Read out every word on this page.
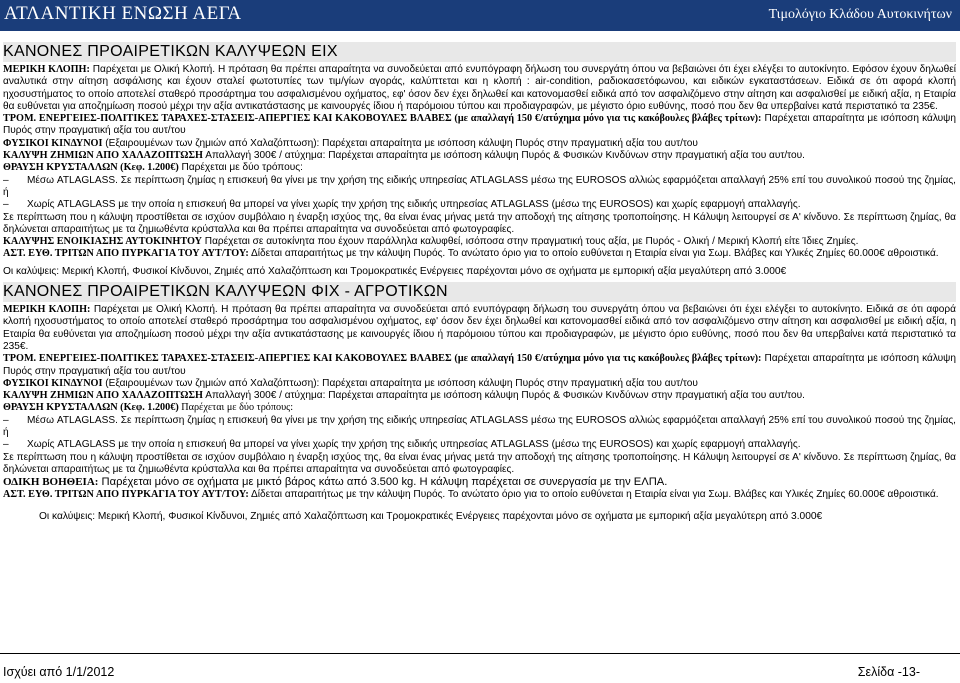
ΑΤΛΑΝΤΙΚΗ ΕΝΩΣΗ ΑΕΓΑ	Τιμολόγιο Κλάδου Αυτοκινήτων
ΚΑΝΟΝΕΣ ΠΡΟΑΙΡΕΤΙΚΩΝ ΚΑΛΥΨΕΩΝ ΕΙΧ

ΜΕΡΙΚΗ ΚΛΟΠΗ: Παρέχεται με Ολική Κλοπή. Η πρόταση θα πρέπει απαραίτητα να συνοδεύεται από ενυπόγραφη δήλωση του συνεργάτη όπου να βεβαιώνει ότι έχει ελέγξει το αυτοκίνητο. Εφόσον έχουν δηλωθεί αναλυτικά στην αίτηση ασφάλισης και έχουν σταλεί φωτοτυπίες των τιμ/γίων αγοράς, καλύπτεται και η κλοπή : air-condition, ραδιοκασετόφωνου, και ειδικών εγκαταστάσεων. Ειδικά σε ότι αφορά κλοπή ηχοσυστήματος το οποίο αποτελεί σταθερό προσάρτημα του ασφαλισμένου οχήματος, εφ' όσον δεν έχει δηλωθεί και κατονομασθεί ειδικά από τον ασφαλιζόμενο στην αίτηση και ασφαλισθεί με ειδική αξία, η Εταιρία θα ευθύνεται για αποζημίωση ποσού μέχρι την αξία αντικατάστασης με καινουργές ίδιου ή παρόμοιου τύπου και προδιαγραφών, με μέγιστο όριο ευθύνης, ποσό που δεν θα υπερβαίνει κατά περιστατικό τα 235€.

ΤΡΟΜ. ΕΝΕΡΓΕΙΕΣ-ΠΟΛΙΤΙΚΕΣ ΤΑΡΑΧΕΣ-ΣΤΑΣΕΙΣ-ΑΠΕΡΓΙΕΣ ΚΑΙ ΚΑΚΟΒΟΥΛΕΣ ΒΛΑΒΕΣ (με απαλλαγή 150 €/ατύχημα μόνο για τις κακόβουλες βλάβες τρίτων): Παρέχεται απαραίτητα με ισόποση κάλυψη Πυρός στην πραγματική αξία του αυτ/του

ΦΥΣΙΚΟΙ ΚΙΝΔΥΝΟΙ (Εξαιρουμένων των ζημιών από Χαλαζόπτωση): Παρέχεται απαραίτητα με ισόποση κάλυψη Πυρός στην πραγματική αξία του αυτ/του

ΚΑΛΥΨΗ ΖΗΜΙΩΝ ΑΠΟ ΧΑΛΑΖΟΠΤΩΣΗ Απαλλαγή 300€ / ατύχημα: Παρέχεται απαραίτητα με ισόποση κάλυψη Πυρός & Φυσικών Κινδύνων στην πραγματική αξία του αυτ/του.

ΘΡΑΥΣΗ ΚΡΥΣΤΑΛΛΩΝ (Κεφ. 1.200€) Παρέχεται με δύο τρόπους:

– Μέσω ATLAGLASS. Σε περίπτωση ζημίας η επισκευή θα γίνει με την χρήση της ειδικής υπηρεσίας ATLAGLASS μέσω της EUROSOS αλλιώς εφαρμόζεται απαλλαγή 25% επί του συνολικού ποσού της ζημίας, ή

– Χωρίς ATLAGLASS με την οποία η επισκευή θα μπορεί να γίνει χωρίς την χρήση της ειδικής υπηρεσίας ATLAGLASS (μέσω της EUROSOS) και χωρίς εφαρμογή απαλλαγής.

Σε περίπτωση που η κάλυψη προστίθεται σε ισχύον συμβόλαιο η έναρξη ισχύος της, θα είναι ένας μήνας μετά την αποδοχή της αίτησης τροποποίησης. Η Κάλυψη λειτουργεί σε Α' κίνδυνο. Σε περίπτωση ζημίας, θα δηλώνεται απαραιτήτως με τα ζημιωθέντα κρύσταλλα και θα πρέπει απαραίτητα να συνοδεύεται από φωτογραφίες.

ΚΑΛΥΨΗΣ ΕΝΟΙΚΙΑΣΗΣ ΑΥΤΟΚΙΝΗΤΟΥ Παρέχεται σε αυτοκίνητα που έχουν παράλληλα καλυφθεί, ισόποσα στην πραγματική τους αξία, με Πυρός - Ολική / Μερική Κλοπή είτε Ίδιες Ζημίες.

ΑΣΤ. ΕΥΘ. ΤΡΙΤΩΝ ΑΠΟ ΠΥΡΚΑΓΙΑ ΤΟΥ ΑΥΤ/ΤΟΥ: Δίδεται απαραιτήτως με την κάλυψη Πυρός. Το ανώτατο όριο για το οποίο ευθύνεται η Εταιρία είναι για Σωμ. Βλάβες και Υλικές Ζημίες 60.000€ αθροιστικά.

Οι καλύψεις: Μερική Κλοπή, Φυσικοί Κίνδυνοι, Ζημιές από Χαλαζόπτωση και Τρομοκρατικές Ενέργειες παρέχονται μόνο σε οχήματα με εμπορική αξία μεγαλύτερη από 3.000€

ΚΑΝΟΝΕΣ ΠΡΟΑΙΡΕΤΙΚΩΝ ΚΑΛΥΨΕΩΝ ΦΙΧ - ΑΓΡΟΤΙΚΩΝ

ΜΕΡΙΚΗ ΚΛΟΠΗ: Παρέχεται με Ολική Κλοπή. Η πρόταση θα πρέπει απαραίτητα να συνοδεύεται από ενυπόγραφη δήλωση του συνεργάτη όπου να βεβαιώνει ότι έχει ελέγξει το αυτοκίνητο. Ειδικά σε ότι αφορά κλοπή ηχοσυστήματος το οποίο αποτελεί σταθερό προσάρτημα του ασφαλισμένου οχήματος, εφ' όσον δεν έχει δηλωθεί και κατονομασθεί ειδικά από τον ασφαλιζόμενο στην αίτηση και ασφαλισθεί με ειδική αξία, η Εταιρία θα ευθύνεται για αποζημίωση ποσού μέχρι την αξία αντικατάστασης με καινουργές ίδιου ή παρόμοιου τύπου και προδιαγραφών, με μέγιστο όριο ευθύνης, ποσό που δεν θα υπερβαίνει κατά περιστατικό τα 235€.

ΤΡΟΜ. ΕΝΕΡΓΕΙΕΣ-ΠΟΛΙΤΙΚΕΣ ΤΑΡΑΧΕΣ-ΣΤΑΣΕΙΣ-ΑΠΕΡΓΙΕΣ ΚΑΙ ΚΑΚΟΒΟΥΛΕΣ ΒΛΑΒΕΣ (με απαλλαγή 150 €/ατύχημα μόνο για τις κακόβουλες βλάβες τρίτων): Παρέχεται απαραίτητα με ισόποση κάλυψη Πυρός στην πραγματική αξία του αυτ/του

ΦΥΣΙΚΟΙ ΚΙΝΔΥΝΟΙ (Εξαιρουμένων των ζημιών από Χαλαζόπτωση): Παρέχεται απαραίτητα με ισόποση κάλυψη Πυρός στην πραγματική αξία του αυτ/του

ΚΑΛΥΨΗ ΖΗΜΙΩΝ ΑΠΟ ΧΑΛΑΖΟΠΤΩΣΗ Απαλλαγή 300€ / ατύχημα: Παρέχεται απαραίτητα με ισόποση κάλυψη Πυρός & Φυσικών Κινδύνων στην πραγματική αξία του αυτ/του.

ΘΡΑΥΣΗ ΚΡΥΣΤΑΛΛΩΝ (Κεφ. 1.200€) Παρέχεται με δύο τρόπους:

– Μέσω ATLAGLASS. Σε περίπτωση ζημίας η επισκευή θα γίνει με την χρήση της ειδικής υπηρεσίας ATLAGLASS μέσω της EUROSOS αλλιώς εφαρμόζεται απαλλαγή 25% επί του συνολικού ποσού της ζημίας, ή

– Χωρίς ATLAGLASS με την οποία η επισκευή θα μπορεί να γίνει χωρίς την χρήση της ειδικής υπηρεσίας ATLAGLASS (μέσω της EUROSOS) και χωρίς εφαρμογή απαλλαγής.

Σε περίπτωση που η κάλυψη προστίθεται σε ισχύον συμβόλαιο η έναρξη ισχύος της, θα είναι ένας μήνας μετά την αποδοχή της αίτησης τροποποίησης. Η Κάλυψη λειτουργεί σε Α' κίνδυνο. Σε περίπτωση ζημίας, θα δηλώνεται απαραιτήτως με τα ζημιωθέντα κρύσταλλα και θα πρέπει απαραίτητα να συνοδεύεται από φωτογραφίες.

ΟΔΙΚΗ ΒΟΗΘΕΙΑ: Παρέχεται μόνο σε οχήματα με μικτό βάρος κάτω από 3.500 kg. Η κάλυψη παρέχεται σε συνεργασία με την ΕΛΠΑ.

ΑΣΤ. ΕΥΘ. ΤΡΙΤΩΝ ΑΠΟ ΠΥΡΚΑΓΙΑ ΤΟΥ ΑΥΤ/ΤΟΥ: Δίδεται απαραιτήτως με την κάλυψη Πυρός. Το ανώτατο όριο για το οποίο ευθύνεται η Εταιρία είναι για Σωμ. Βλάβες και Υλικές Ζημίες 60.000€ αθροιστικά.

Οι καλύψεις: Μερική Κλοπή, Φυσικοί Κίνδυνοι, Ζημιές από Χαλαζόπτωση και Τρομοκρατικές Ενέργειες παρέχονται μόνο σε οχήματα με εμπορική αξία μεγαλύτερη από 3.000€

Ισχύει από 1/1/2012	Σελίδα -13-
